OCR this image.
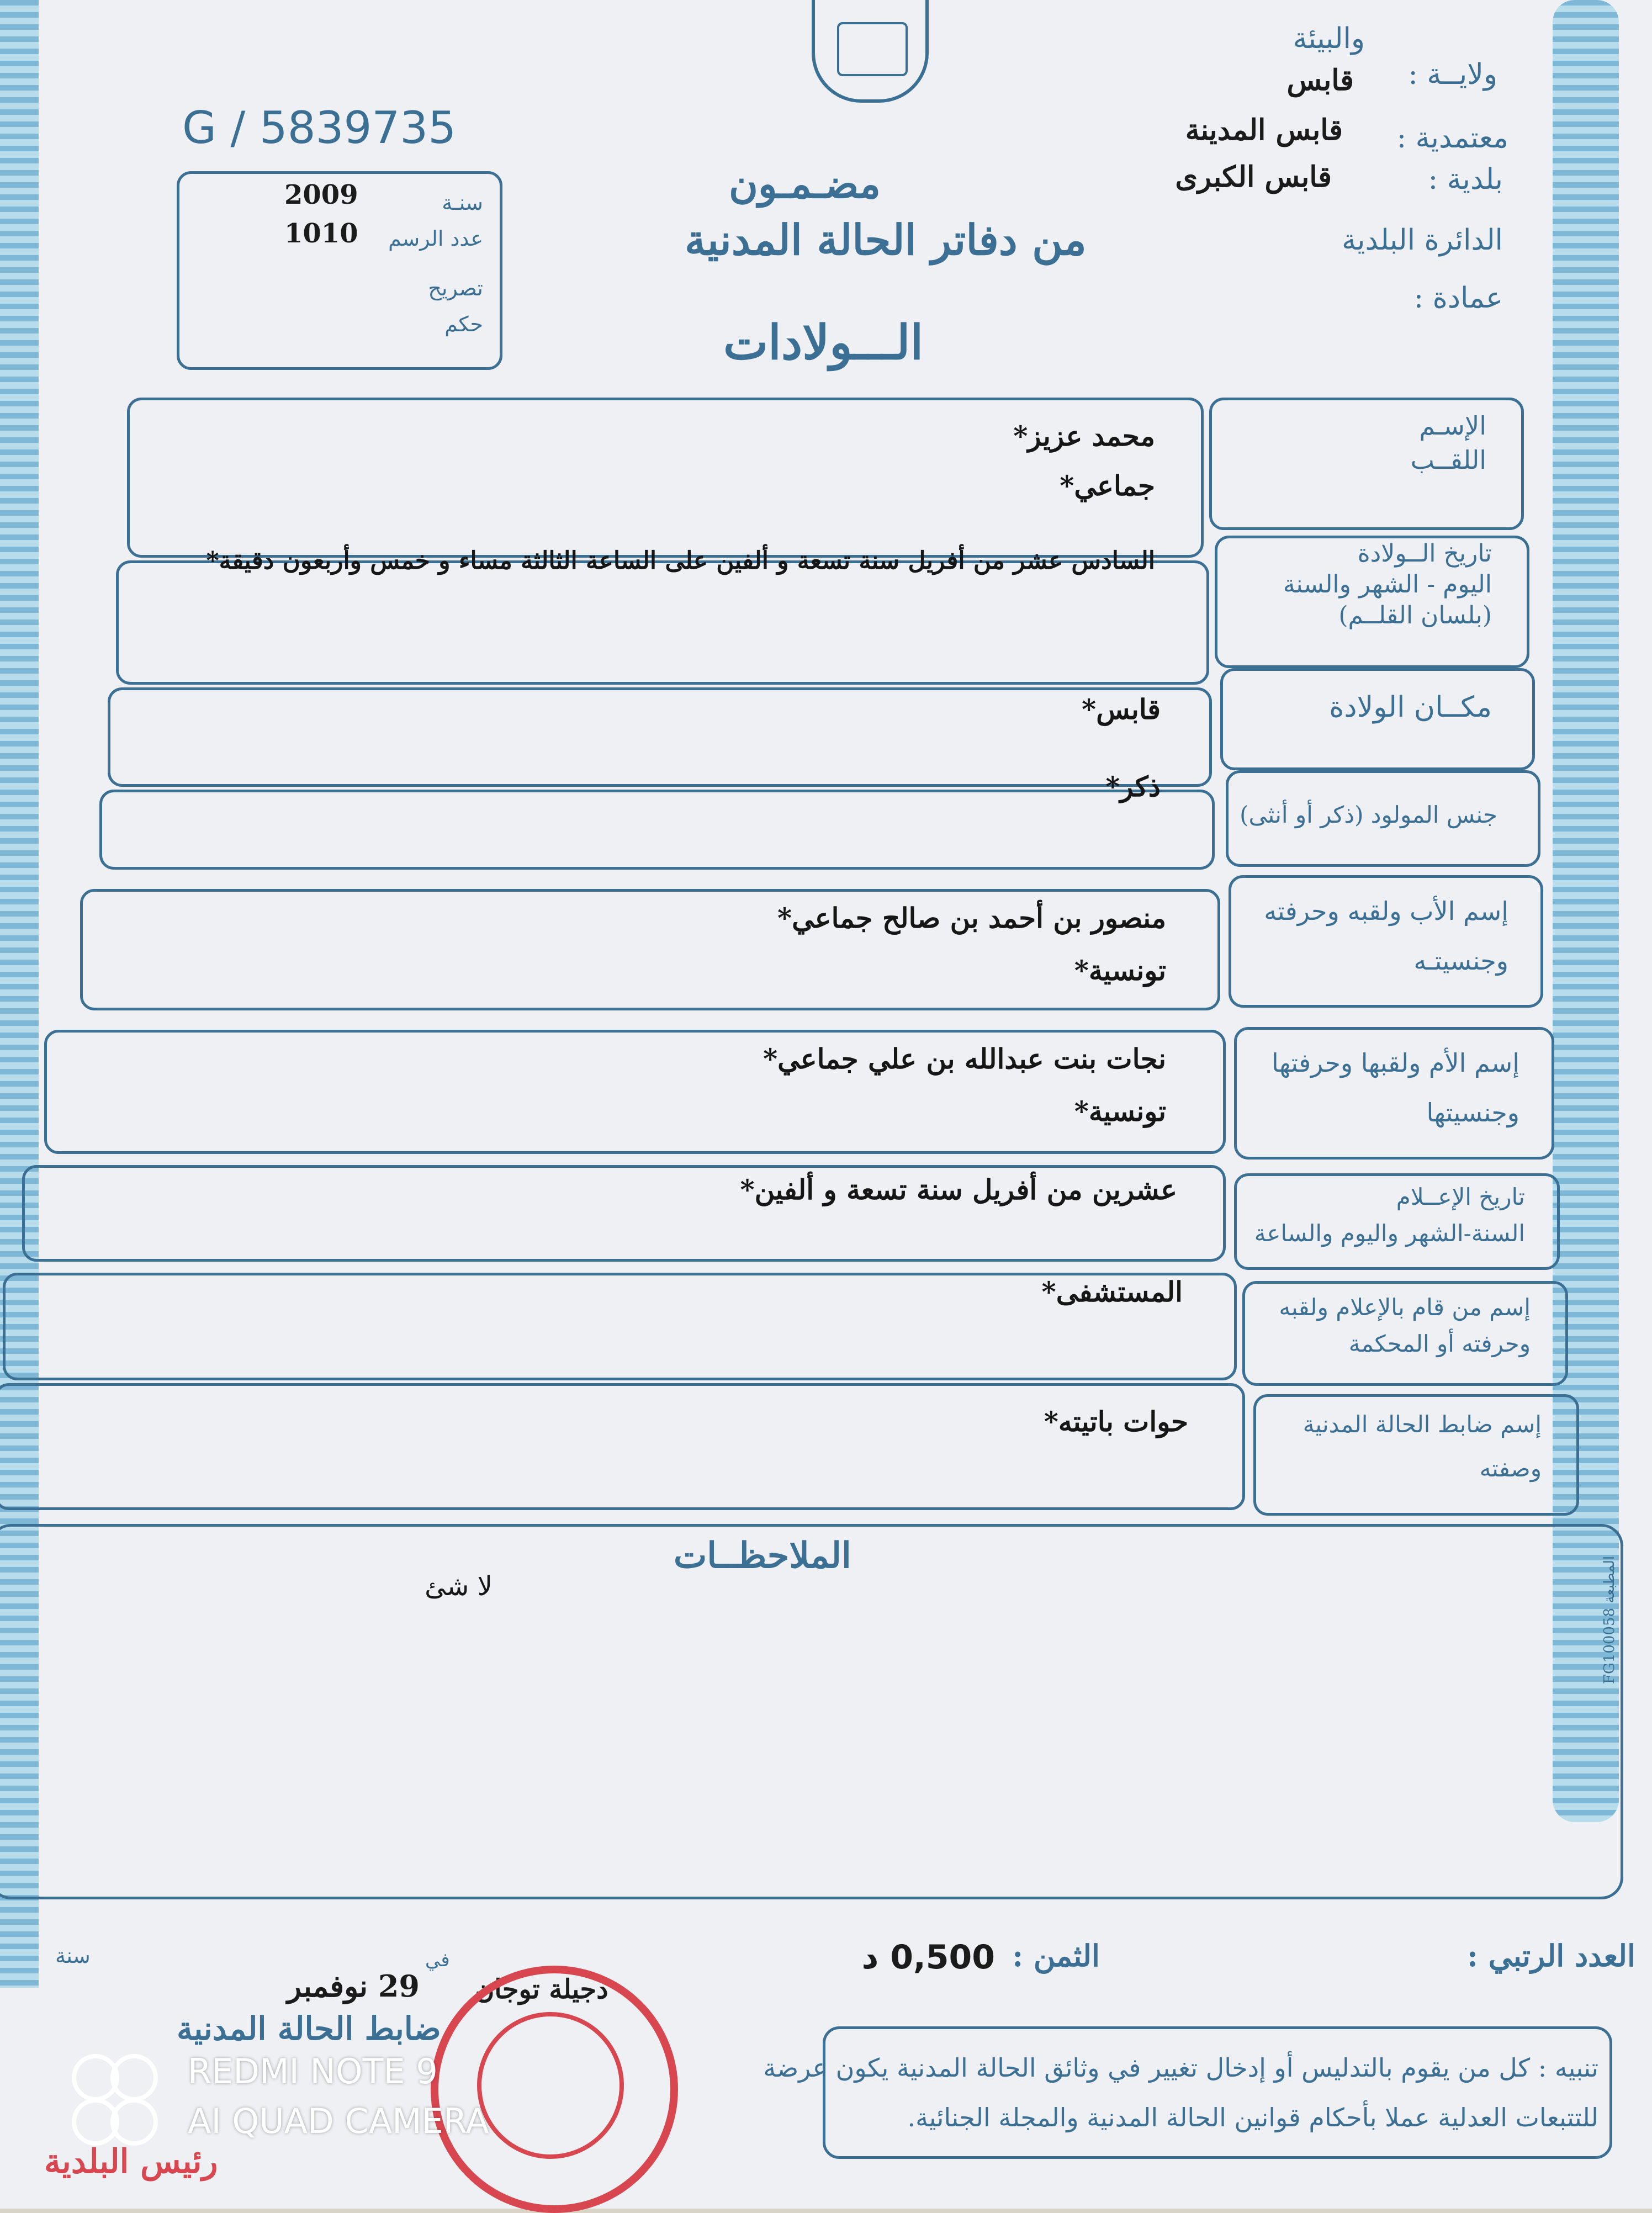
والبيئة
ولايــة :
قابس
معتمدية :
قابس المدينة
بلدية :
قابس الكبرى
الدائرة البلدية
عمادة :
G / 5839735
سنـة
2009
عدد الرسم
1010
تصريح
حكم
مضـمـون
من دفاتر الحالة المدنية
الـــولادات
الإسـم
اللقــب
محمد عزيز*
جماعي*
تاريخ الــولادة
اليوم - الشهر والسنة
(بلسان القلــم)
السادس عشر من أفريل سنة تسعة و ألفين على الساعة الثالثة مساء و خمس وأربعون دقيقة*
مكــان الولادة
قابس*
جنس المولود (ذكر أو أنثى)
ذكر*
إسم الأب ولقبه وحرفته
وجنسيتـه
منصور بن أحمد بن صالح جماعي*
تونسية*
إسم الأم ولقبها وحرفتها
وجنسيتها
نجات بنت عبدالله بن علي جماعي*
تونسية*
تاريخ الإعــلام
السنة-الشهر واليوم والساعة
عشرين من أفريل سنة تسعة و ألفين*
إسم من قام بالإعلام ولقبه
وحرفته أو المحكمة
المستشفى*
إسم ضابط الحالة المدنية
وصفته
حوات باتيته*
الملاحظــات
لا شئ
المطبعة FG100058
العدد الرتبي :
الثمن :
0,500 د
سنة	في
دجيلة توجان
29 نوفمبر
ضابط الحالة المدنية
رئيس البلدية
تنبيه : كل من يقوم بالتدليس أو إدخال تغيير في وثائق الحالة المدنية يكون عرضة
للتتبعات العدلية عملا بأحكام قوانين الحالة المدنية والمجلة الجنائية.
REDMI NOTE 9
AI QUAD CAMERA
